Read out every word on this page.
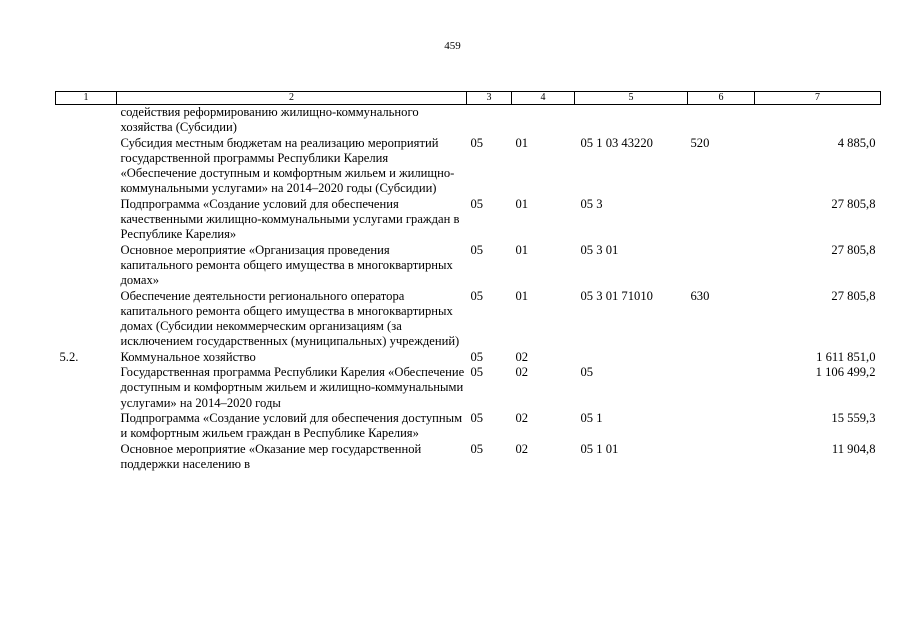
459
1	2	3	4	5	6	7
	содействия реформированию жилищно-коммунального хозяйства (Субсидии)					
	Субсидия местным бюджетам на реализацию мероприятий государственной программы Республики Карелия «Обеспечение доступным и комфортным жильем и жилищно-коммунальными услугами» на 2014–2020 годы (Субсидии)	05	01	05 1 03 43220	520	4 885,0
	Подпрограмма «Создание условий для обеспечения качественными жилищно-коммунальными услугами граждан в Республике Карелия»	05	01	05 3		27 805,8
	Основное мероприятие «Организация проведения капитального ремонта общего имущества в многоквартирных домах»	05	01	05 3 01		27 805,8
	Обеспечение деятельности регионального оператора капитального ремонта общего имущества в многоквартирных домах (Субсидии некоммерческим организациям (за исключением государственных (муниципальных) учреждений)	05	01	05 3 01 71010	630	27 805,8
5.2.	Коммунальное хозяйство	05	02			1 611 851,0
	Государственная программа Республики Карелия «Обеспечение доступным и комфортным жильем и жилищно-коммунальными услугами» на 2014–2020 годы	05	02	05		1 106 499,2
	Подпрограмма «Создание условий для обеспечения доступным и комфортным жильем граждан в Республике Карелия»	05	02	05 1		15 559,3
	Основное мероприятие «Оказание мер государственной поддержки населению в	05	02	05 1 01		11 904,8
